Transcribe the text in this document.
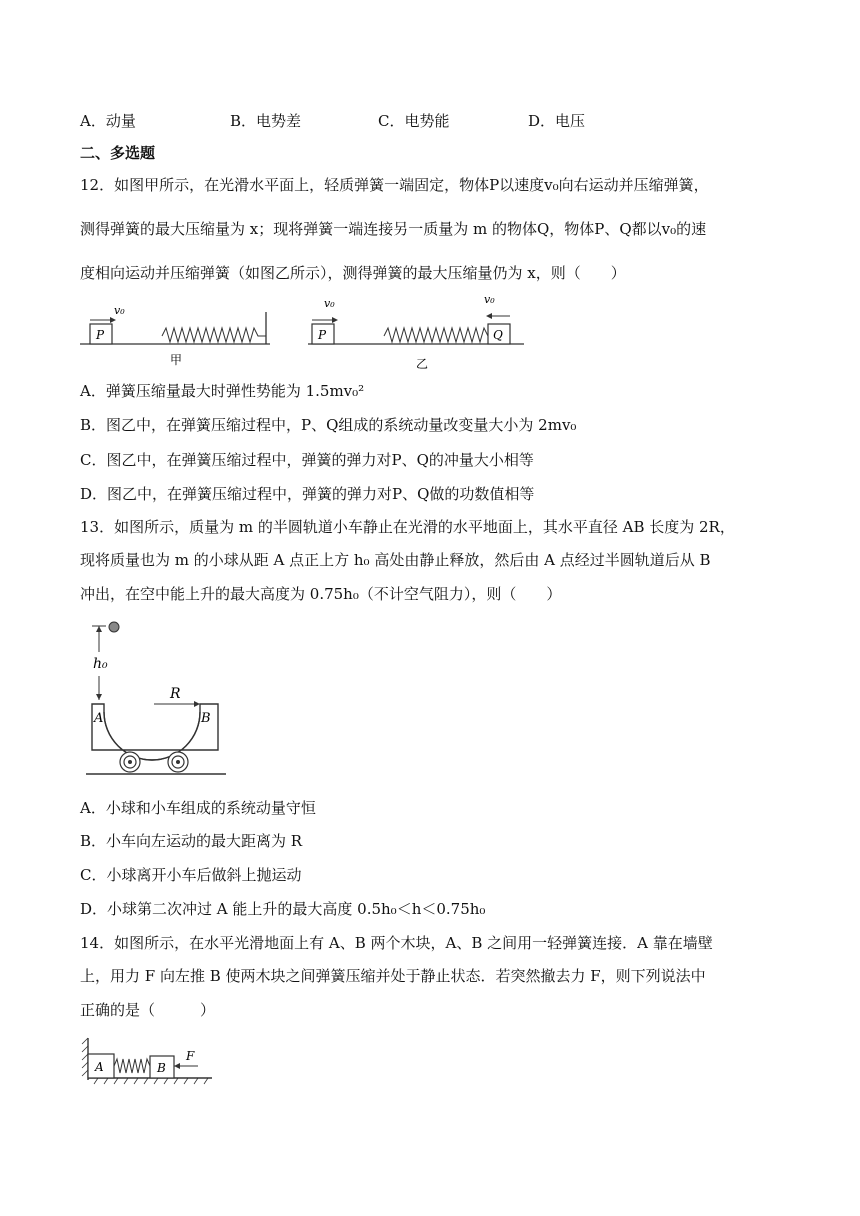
A．动量	B．电势差	C．电势能	D．电压
二、多选题
12．如图甲所示，在光滑水平面上，轻质弹簧一端固定，物体P以速度v₀向右运动并压缩弹簧，
测得弹簧的最大压缩量为 x；现将弹簧一端连接另一质量为 m 的物体Q，物体P、Q都以v₀的速
度相向运动并压缩弹簧（如图乙所示），测得弹簧的最大压缩量仍为 x，则（　　）
P
v₀
甲
P
v₀
Q
v₀
乙
A．弹簧压缩量最大时弹性势能为 1.5mv₀²
B．图乙中，在弹簧压缩过程中，P、Q组成的系统动量改变量大小为 2mv₀
C．图乙中，在弹簧压缩过程中，弹簧的弹力对P、Q的冲量大小相等
D．图乙中，在弹簧压缩过程中，弹簧的弹力对P、Q做的功数值相等
13．如图所示，质量为 m 的半圆轨道小车静止在光滑的水平地面上，其水平直径 AB 长度为 2R，
现将质量也为 m 的小球从距 A 点正上方 h₀ 高处由静止释放，然后由 A 点经过半圆轨道后从 B
冲出，在空中能上升的最大高度为 0.75h₀（不计空气阻力），则（　　）
h₀
A	B
R
A．小球和小车组成的系统动量守恒
B．小车向左运动的最大距离为 R
C．小球离开小车后做斜上抛运动
D．小球第二次冲过 A 能上升的最大高度 0.5h₀＜h＜0.75h₀
14．如图所示，在水平光滑地面上有 A、B 两个木块，A、B 之间用一轻弹簧连接．A 靠在墙壁
上，用力 F 向左推 B 使两木块之间弹簧压缩并处于静止状态．若突然撤去力 F，则下列说法中
正确的是（　　　）
A	B
F
